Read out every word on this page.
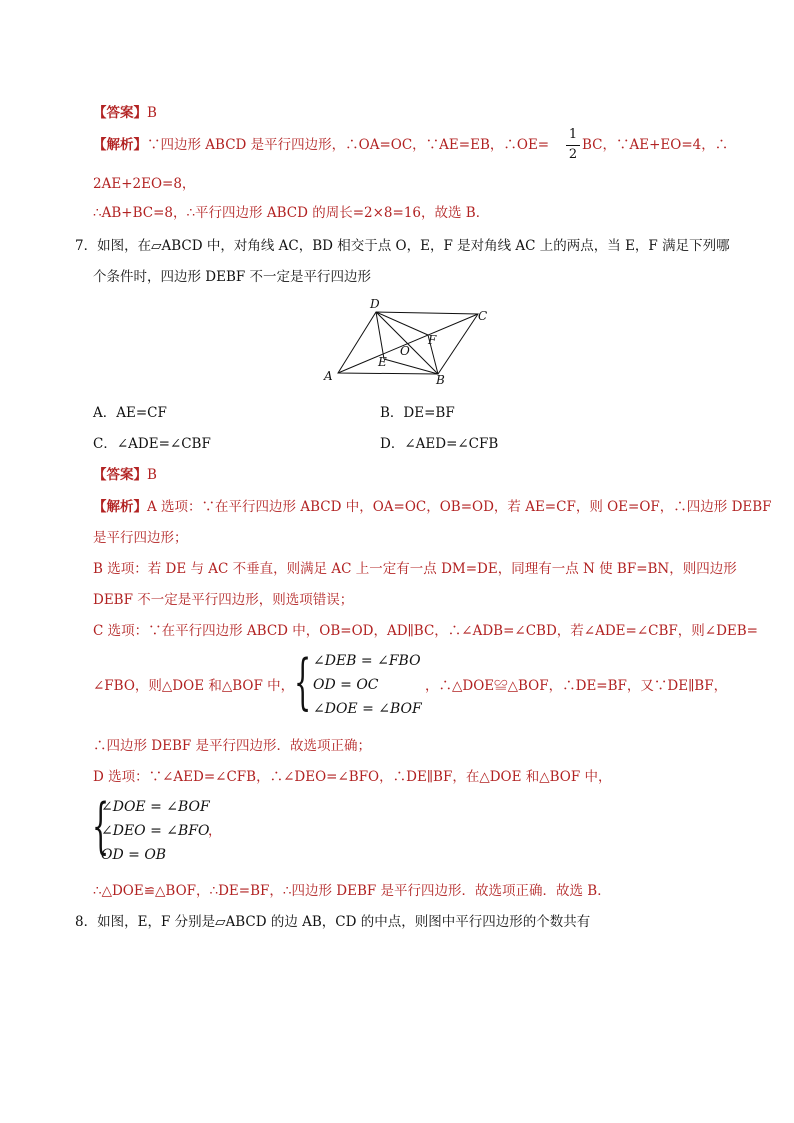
【答案】B
【解析】∵四边形 ABCD 是平行四边形，∴OA=OC，∵AE=EB，∴OE=
1
2
BC，∵AE+EO=4，∴
2AE+2EO=8，
∴AB+BC=8，∴平行四边形 ABCD 的周长=2×8=16，故选 B．
7．如图，在▱ABCD 中，对角线 AC，BD 相交于点 O，E，F 是对角线 AC 上的两点，当 E，F 满足下列哪
个条件时，四边形 DEBF 不一定是平行四边形
D
C
A	B
E
F
O
A．AE=CF	B．DE=BF
C．∠ADE=∠CBF	D．∠AED=∠CFB
【答案】B
【解析】A 选项：∵在平行四边形 ABCD 中，OA=OC，OB=OD，若 AE=CF，则 OE=OF，∴四边形 DEBF
是平行四边形；
B 选项：若 DE 与 AC 不垂直，则满足 AC 上一定有一点 DM=DE，同理有一点 N 使 BF=BN，则四边形
DEBF 不一定是平行四边形，则选项错误；
C 选项：∵在平行四边形 ABCD 中，OB=OD，AD∥BC，∴∠ADB=∠CBD，若∠ADE=∠CBF，则∠DEB=
∠FBO，则△DOE 和△BOF 中， { ∠DEB = ∠FBO
OD = OC
∠DOE = ∠BOF
，∴△DOE≌△BOF，∴DE=BF，又∵DE∥BF，
∴四边形 DEBF 是平行四边形．故选项正确；
D 选项：∵∠AED=∠CFB，∴∠DEO=∠BFO，∴DE∥BF，在△DOE 和△BOF 中，
{
∠DOE = ∠BOF
∠DEO = ∠BFO
OD = OB
，
∴△DOE≌△BOF，∴DE=BF，∴四边形 DEBF 是平行四边形．故选项正确．故选 B．
8．如图，E，F 分别是▱ABCD 的边 AB，CD 的中点，则图中平行四边形的个数共有
